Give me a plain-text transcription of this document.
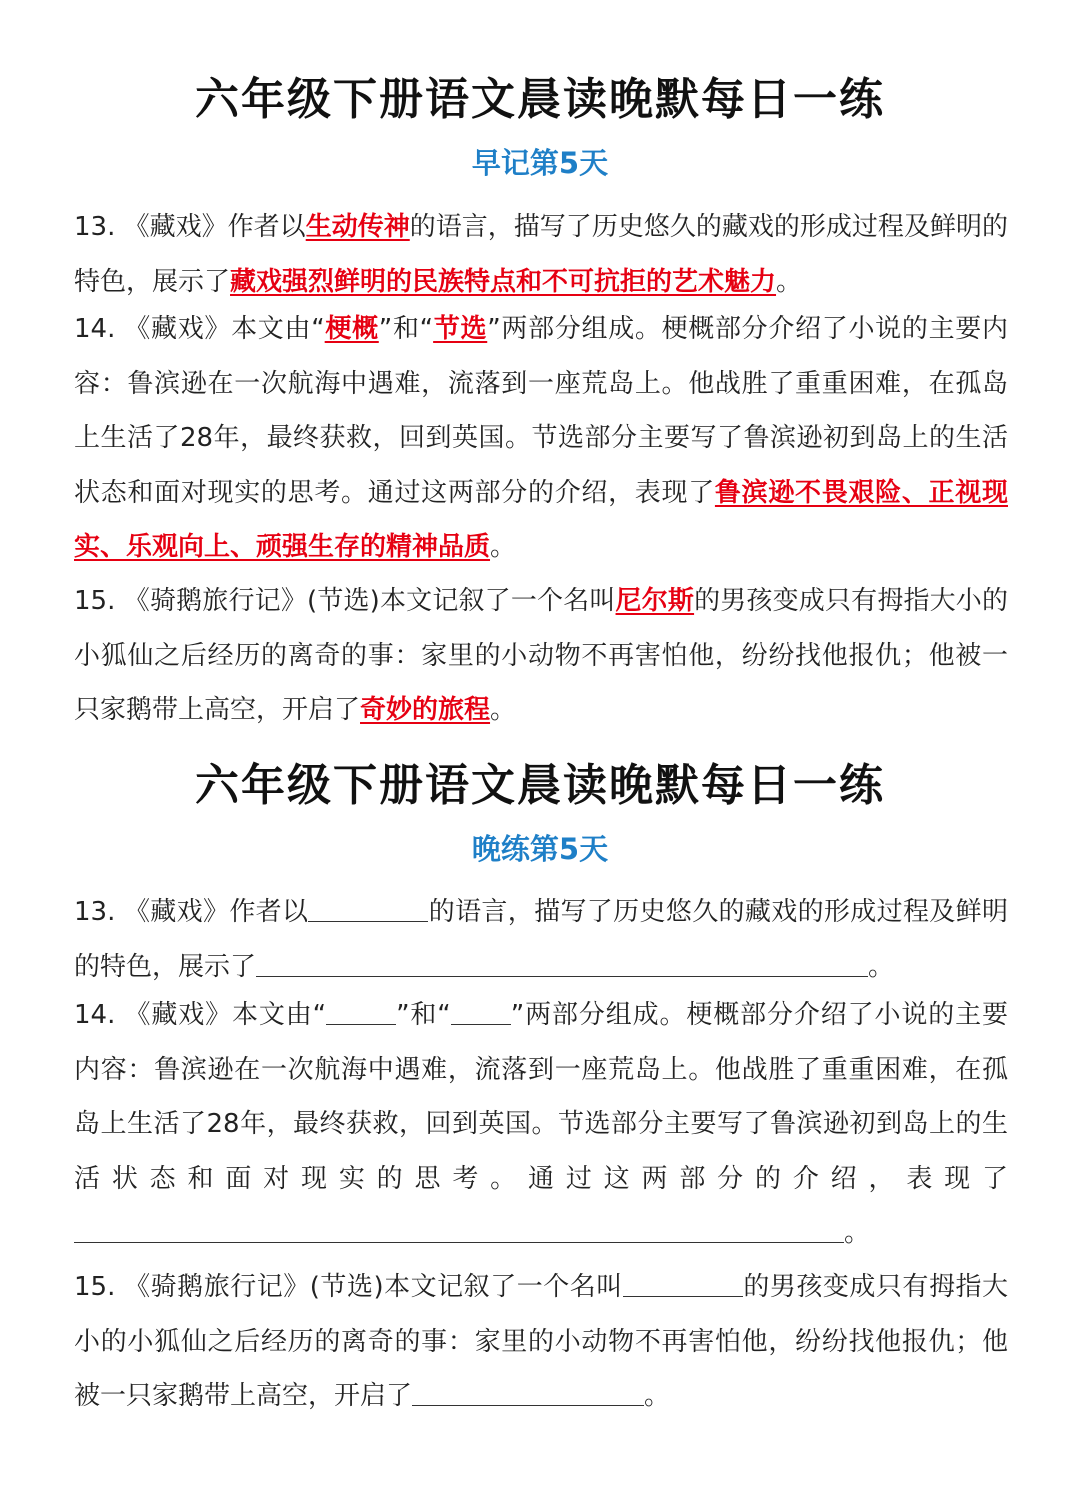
六年级下册语文晨读晚默每日一练
早记第5天
13. 《藏戏》作者以生动传神的语言，描写了历史悠久的藏戏的形成过程及鲜明的特色，展示了藏戏强烈鲜明的民族特点和不可抗拒的艺术魅力。
14. 《藏戏》本文由“梗概”和“节选”两部分组成。梗概部分介绍了小说的主要内容：鲁滨逊在一次航海中遇难，流落到一座荒岛上。他战胜了重重困难，在孤岛上生活了28年，最终获救，回到英国。节选部分主要写了鲁滨逊初到岛上的生活状态和面对现实的思考。通过这两部分的介绍，表现了鲁滨逊不畏艰险、正视现实、乐观向上、顽强生存的精神品质。
15. 《骑鹅旅行记》(节选)本文记叙了一个名叫尼尔斯的男孩变成只有拇指大小的小狐仙之后经历的离奇的事：家里的小动物不再害怕他，纷纷找他报仇；他被一只家鹅带上高空，开启了奇妙的旅程。
六年级下册语文晨读晚默每日一练
晚练第5天
13. 《藏戏》作者以	的语言，描写了历史悠久的藏戏的形成过程及鲜明的特色，展示了	。
14. 《藏戏》本文由“	”和“ ”两部分组成。梗概部分介绍了小说的主要内容：鲁滨逊在一次航海中遇难，流落到一座荒岛上。他战胜了重重困难，在孤岛上生活了28年，最终获救，回到英国。节选部分主要写了鲁滨逊初到岛上的生活状态和面对现实的思考。通过这两部分的介绍，表现了。
15. 《骑鹅旅行记》(节选)本文记叙了一个名叫	的男孩变成只有拇指大小的小狐仙之后经历的离奇的事：家里的小动物不再害怕他，纷纷找他报仇；他被一只家鹅带上高空，开启了	。
